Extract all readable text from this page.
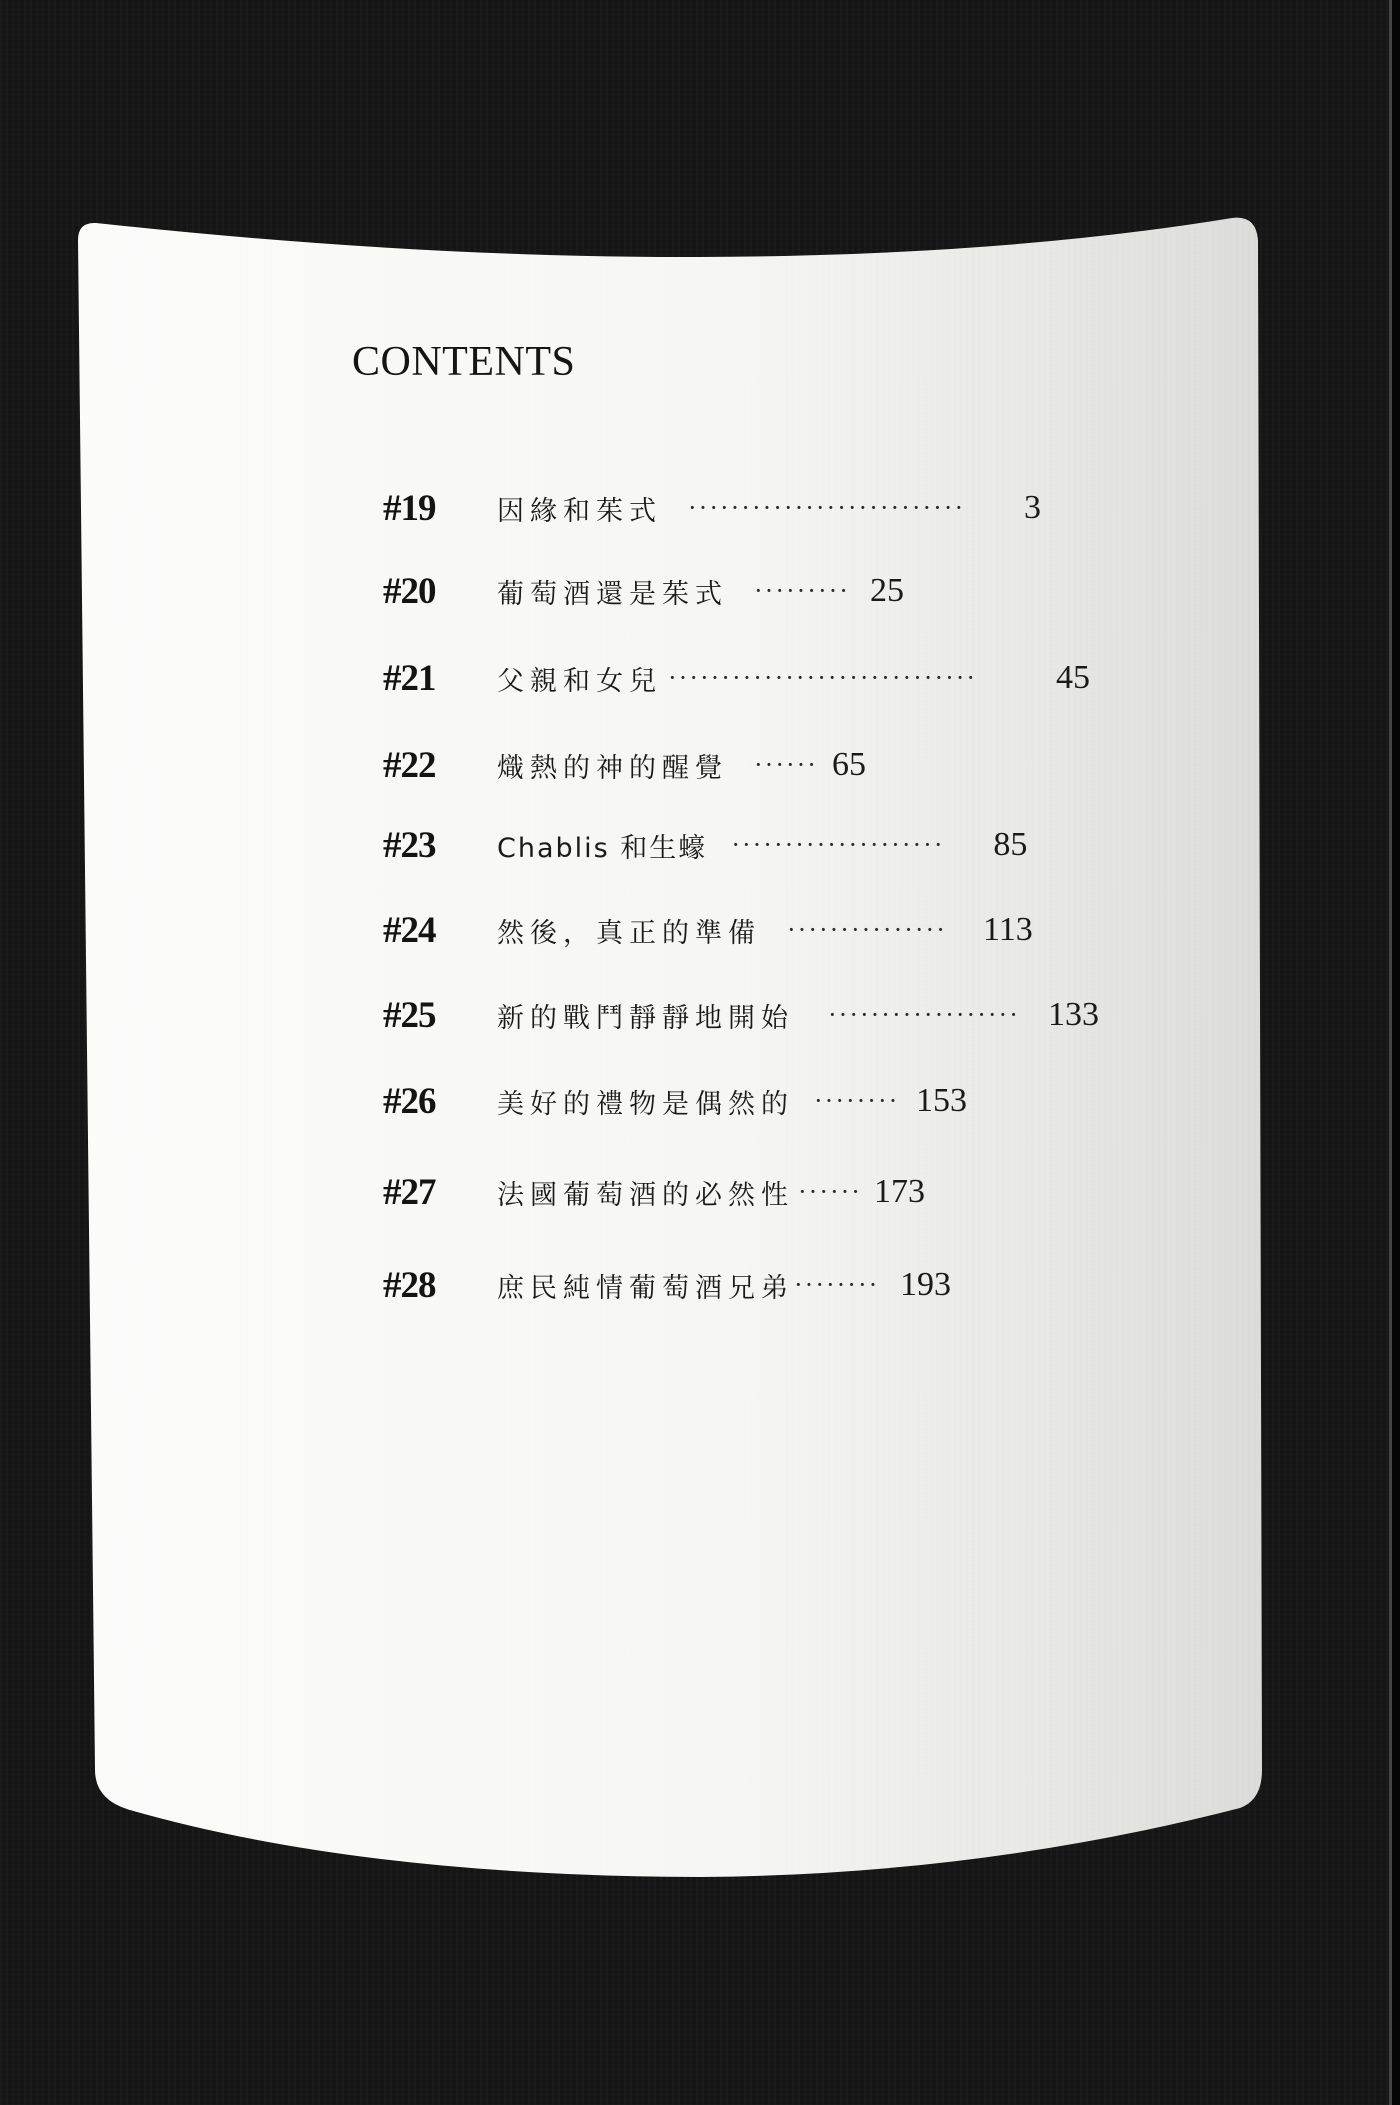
CONTENTS
#19	因緣和茱式 ··························	3
#20	葡萄酒還是茱式 ········· 25
#21	父親和女兒 ·····························	45
#22	熾熱的神的醒覺 ······ 65
#23	Chablis 和生蠔 ····················	85
#24	然後，真正的準備 ···············	113
#25	新的戰鬥靜靜地開始 ·················· 133
#26	美好的禮物是偶然的 ········ 153
#27	法國葡萄酒的必然性 ······ 173
#28	庶民純情葡萄酒兄弟 ········ 193
